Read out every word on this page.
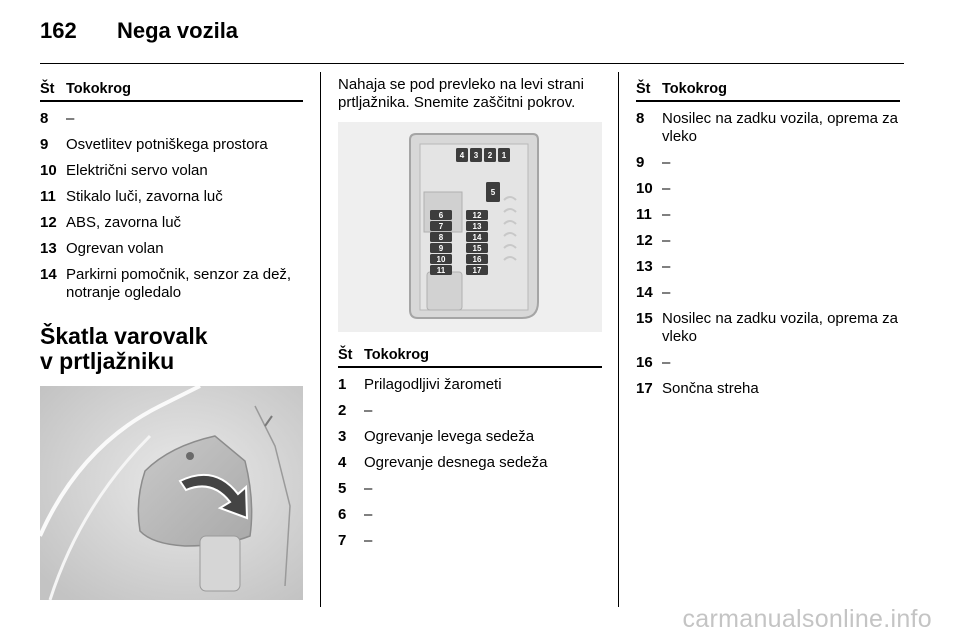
162 Nega vozila
Št Tokokrog
8	–
9	Osvetlitev potniškega prostora
10 Električni servo volan
11 Stikalo luči, zavorna luč
12 ABS, zavorna luč
13 Ogrevan volan
14 Parkirni pomočnik, senzor za dež, notranje ogledalo
Škatla varovalk
v prtljažniku
Nahaja se pod prevleko na levi strani prtljažnika. Snemite zaščitni pokrov.
4 3 2 1
5
6
7
8
9
10
11
12
13
14
15
16
17
Št Tokokrog
1	Prilagodljivi žarometi
2	–
3	Ogrevanje levega sedeža
4	Ogrevanje desnega sedeža
5	–
6	–
7	–
Št Tokokrog
8	Nosilec na zadku vozila, oprema za vleko
9	–
10 –
11 –
12 –
13 –
14 –
15 Nosilec na zadku vozila, oprema za vleko
16 –
17 Sončna streha
carmanualsonline.info
